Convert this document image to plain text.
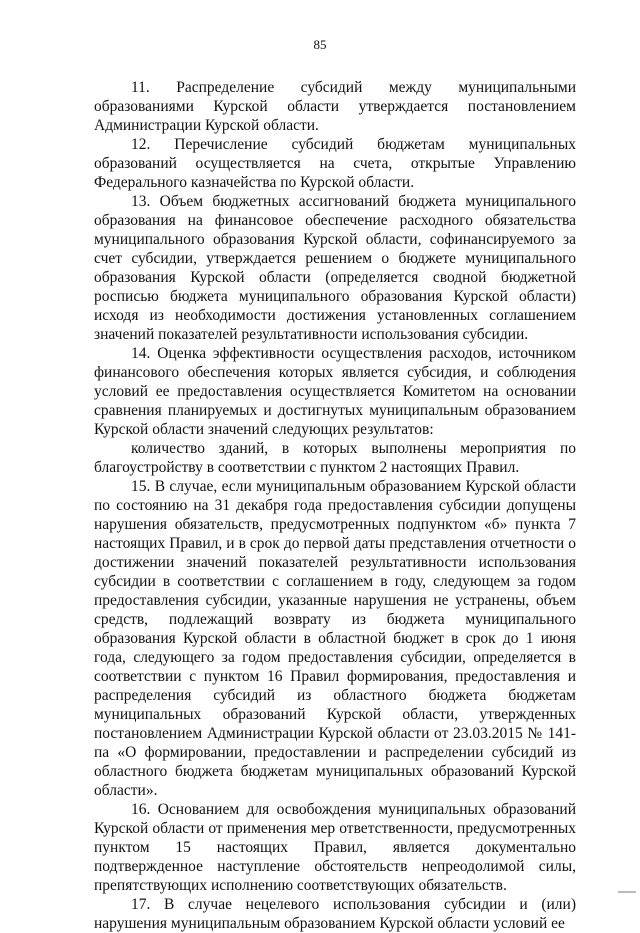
85

11. Распределение субсидий между муниципальными образованиями Курской области утверждается постановлением Администрации Курской области.

12. Перечисление субсидий бюджетам муниципальных образований осуществляется на счета, открытые Управлению Федерального казначейства по Курской области.

13. Объем бюджетных ассигнований бюджета муниципального образования на финансовое обеспечение расходного обязательства муниципального образования Курской области, софинансируемого за счет субсидии, утверждается решением о бюджете муниципального образования Курской области (определяется сводной бюджетной росписью бюджета муниципального образования Курской области) исходя из необходимости достижения установленных соглашением значений показателей результативности использования субсидии.

14. Оценка эффективности осуществления расходов, источником финансового обеспечения которых является субсидия, и соблюдения условий ее предоставления осуществляется Комитетом на основании сравнения планируемых и достигнутых муниципальным образованием Курской области значений следующих результатов:

количество зданий, в которых выполнены мероприятия по благоустройству в соответствии с пунктом 2 настоящих Правил.

15. В случае, если муниципальным образованием Курской области по состоянию на 31 декабря года предоставления субсидии допущены нарушения обязательств, предусмотренных подпунктом «б» пункта 7 настоящих Правил, и в срок до первой даты представления отчетности о достижении значений показателей результативности использования субсидии в соответствии с соглашением в году, следующем за годом предоставления субсидии, указанные нарушения не устранены, объем средств, подлежащий возврату из бюджета муниципального образования Курской области в областной бюджет в срок до 1 июня года, следующего за годом предоставления субсидии, определяется в соответствии с пунктом 16 Правил формирования, предоставления и распределения субсидий из областного бюджета бюджетам муниципальных образований Курской области, утвержденных постановлением Администрации Курской области от 23.03.2015 № 141-па «О формировании, предоставлении и распределении субсидий из областного бюджета бюджетам муниципальных образований Курской области».

16. Основанием для освобождения муниципальных образований Курской области от применения мер ответственности, предусмотренных пунктом 15 настоящих Правил, является документально подтвержденное наступление обстоятельств непреодолимой силы, препятствующих исполнению соответствующих обязательств.

17. В случае нецелевого использования субсидии и (или) нарушения муниципальным образованием Курской области условий ее
